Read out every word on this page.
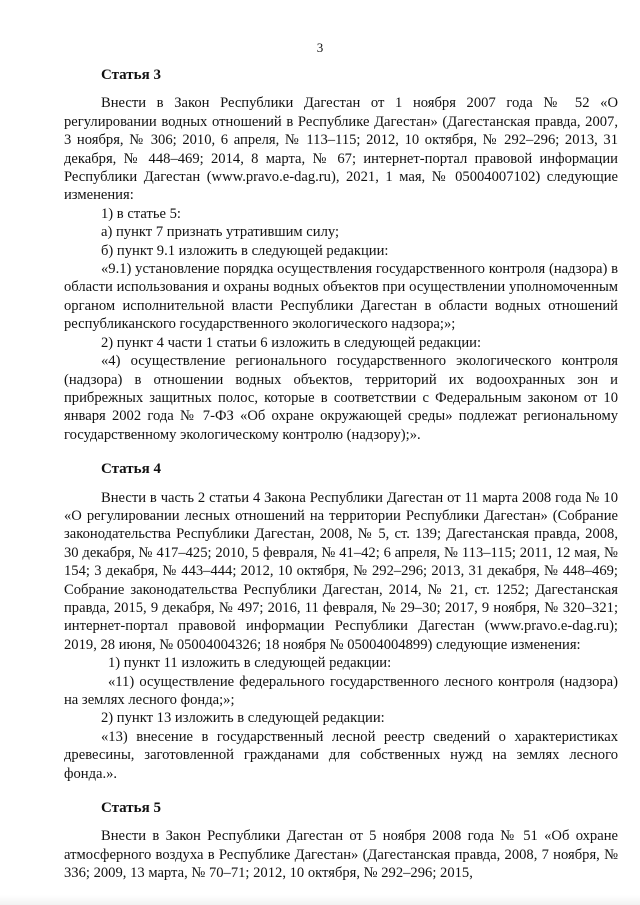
3
Статья 3

Внести в Закон Республики Дагестан от 1 ноября 2007 года № 52 «О регулировании водных отношений в Республике Дагестан» (Дагестанская правда, 2007, 3 ноября, № 306; 2010, 6 апреля, № 113–115; 2012, 10 октября, № 292–296; 2013, 31 декабря, № 448–469; 2014, 8 марта, № 67; интернет-портал правовой информации Республики Дагестан (www.pravo.e-dag.ru), 2021, 1 мая, № 05004007102) следующие изменения:

1) в статье 5:

а) пункт 7 признать утратившим силу;

б) пункт 9.1 изложить в следующей редакции:

«9.1) установление порядка осуществления государственного контроля (надзора) в области использования и охраны водных объектов при осуществлении уполномоченным органом исполнительной власти Республики Дагестан в области водных отношений республиканского государственного экологического надзора;»;

2) пункт 4 части 1 статьи 6 изложить в следующей редакции:

«4) осуществление регионального государственного экологического контроля (надзора) в отношении водных объектов, территорий их водоохранных зон и прибрежных защитных полос, которые в соответствии с Федеральным законом от 10 января 2002 года № 7-ФЗ «Об охране окружающей среды» подлежат региональному государственному экологическому контролю (надзору);».

Статья 4

Внести в часть 2 статьи 4 Закона Республики Дагестан от 11 марта 2008 года № 10 «О регулировании лесных отношений на территории Республики Дагестан» (Собрание законодательства Республики Дагестан, 2008, № 5, ст. 139; Дагестанская правда, 2008, 30 декабря, № 417–425; 2010, 5 февраля, № 41–42; 6 апреля, № 113–115; 2011, 12 мая, № 154; 3 декабря, № 443–444; 2012, 10 октября, № 292–296; 2013, 31 декабря, № 448–469; Собрание законодательства Республики Дагестан, 2014, № 21, ст. 1252; Дагестанская правда, 2015, 9 декабря, № 497; 2016, 11 февраля, № 29–30; 2017, 9 ноября, № 320–321; интернет-портал правовой информации Республики Дагестан (www.pravo.e-dag.ru); 2019, 28 июня, № 05004004326; 18 ноября № 05004004899) следующие изменения:

1) пункт 11 изложить в следующей редакции:

«11) осуществление федерального государственного лесного контроля (надзора) на землях лесного фонда;»;

2) пункт 13 изложить в следующей редакции:

«13) внесение в государственный лесной реестр сведений о характеристиках древесины, заготовленной гражданами для собственных нужд на землях лесного фонда.».

Статья 5

Внести в Закон Республики Дагестан от 5 ноября 2008 года № 51 «Об охране атмосферного воздуха в Республике Дагестан» (Дагестанская правда, 2008, 7 ноября, № 336; 2009, 13 марта, № 70–71; 2012, 10 октября, № 292–296; 2015,
